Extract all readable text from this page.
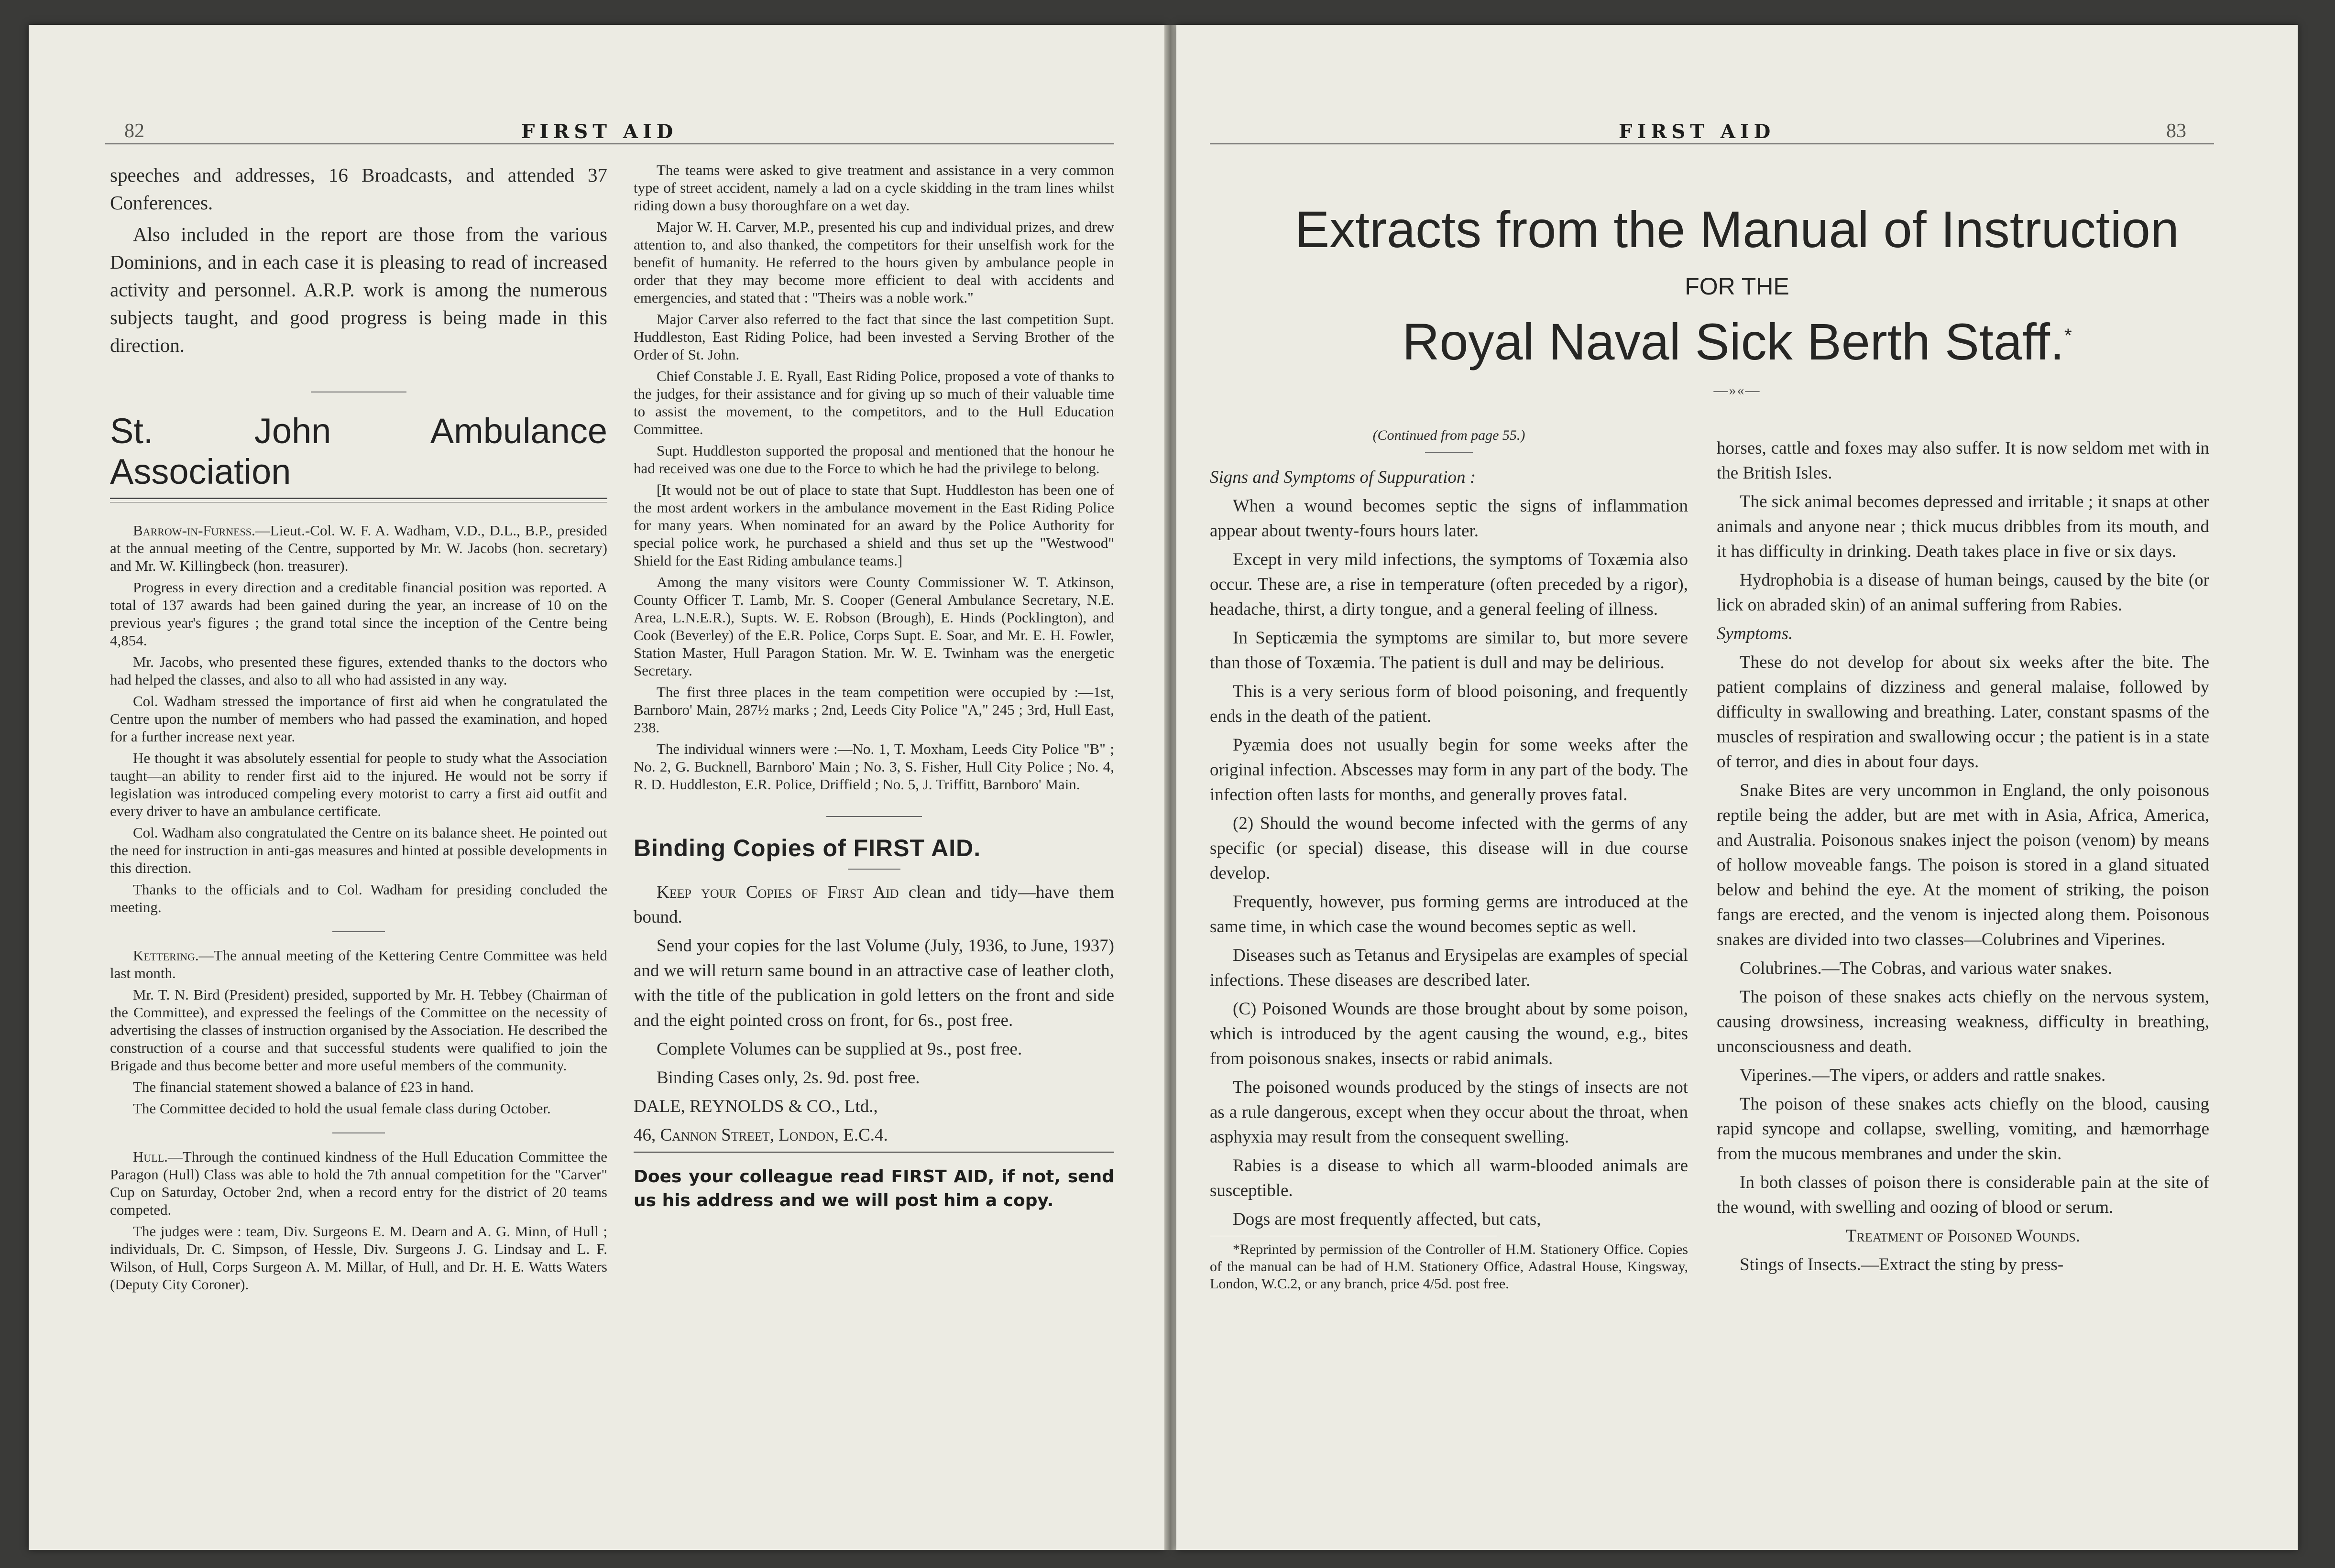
82	FIRST AID

speeches and addresses, 16 Broadcasts, and attended 37 Conferences.

Also included in the report are those from the various Dominions, and in each case it is pleasing to read of increased activity and personnel. A.R.P. work is among the numerous subjects taught, and good progress is being made in this direction.

St. John Ambulance Association

Barrow-in-Furness.—Lieut.-Col. W. F. A. Wadham, V.D., D.L., B.P., presided at the annual meeting of the Centre, supported by Mr. W. Jacobs (hon. secretary) and Mr. W. Killingbeck (hon. treasurer).

Progress in every direction and a creditable financial position was reported. A total of 137 awards had been gained during the year, an increase of 10 on the previous year's figures ; the grand total since the inception of the Centre being 4,854.

Mr. Jacobs, who presented these figures, extended thanks to the doctors who had helped the classes, and also to all who had assisted in any way.

Col. Wadham stressed the importance of first aid when he congratulated the Centre upon the number of members who had passed the examination, and hoped for a further increase next year.

He thought it was absolutely essential for people to study what the Association taught—an ability to render first aid to the injured. He would not be sorry if legislation was introduced compeling every motorist to carry a first aid outfit and every driver to have an ambulance certificate.

Col. Wadham also congratulated the Centre on its balance sheet. He pointed out the need for instruction in anti-gas measures and hinted at possible developments in this direction.

Thanks to the officials and to Col. Wadham for presiding concluded the meeting.

Kettering.—The annual meeting of the Kettering Centre Committee was held last month.

Mr. T. N. Bird (President) presided, supported by Mr. H. Tebbey (Chairman of the Committee), and expressed the feelings of the Committee on the necessity of advertising the classes of instruction organised by the Association. He described the construction of a course and that successful students were qualified to join the Brigade and thus become better and more useful members of the community.

The financial statement showed a balance of £23 in hand.

The Committee decided to hold the usual female class during October.

Hull.—Through the continued kindness of the Hull Education Committee the Paragon (Hull) Class was able to hold the 7th annual competition for the "Carver" Cup on Saturday, October 2nd, when a record entry for the district of 20 teams competed.

The judges were : team, Div. Surgeons E. M. Dearn and A. G. Minn, of Hull ; individuals, Dr. C. Simpson, of Hessle, Div. Surgeons J. G. Lindsay and L. F. Wilson, of Hull, Corps Surgeon A. M. Millar, of Hull, and Dr. H. E. Watts Waters (Deputy City Coroner).

The teams were asked to give treatment and assistance in a very common type of street accident, namely a lad on a cycle skidding in the tram lines whilst riding down a busy thoroughfare on a wet day.

Major W. H. Carver, M.P., presented his cup and individual prizes, and drew attention to, and also thanked, the competitors for their unselfish work for the benefit of humanity. He referred to the hours given by ambulance people in order that they may become more efficient to deal with accidents and emergencies, and stated that : "Theirs was a noble work."

Major Carver also referred to the fact that since the last competition Supt. Huddleston, East Riding Police, had been invested a Serving Brother of the Order of St. John.

Chief Constable J. E. Ryall, East Riding Police, proposed a vote of thanks to the judges, for their assistance and for giving up so much of their valuable time to assist the movement, to the competitors, and to the Hull Education Committee.

Supt. Huddleston supported the proposal and mentioned that the honour he had received was one due to the Force to which he had the privilege to belong.

[It would not be out of place to state that Supt. Huddleston has been one of the most ardent workers in the ambulance movement in the East Riding Police for many years. When nominated for an award by the Police Authority for special police work, he purchased a shield and thus set up the "Westwood" Shield for the East Riding ambulance teams.]

Among the many visitors were County Commissioner W. T. Atkinson, County Officer T. Lamb, Mr. S. Cooper (General Ambulance Secretary, N.E. Area, L.N.E.R.), Supts. W. E. Robson (Brough), E. Hinds (Pocklington), and Cook (Beverley) of the E.R. Police, Corps Supt. E. Soar, and Mr. E. H. Fowler, Station Master, Hull Paragon Station. Mr. W. E. Twinham was the energetic Secretary.

The first three places in the team competition were occupied by :—1st, Barnboro' Main, 287½ marks ; 2nd, Leeds City Police "A," 245 ; 3rd, Hull East, 238.

The individual winners were :—No. 1, T. Moxham, Leeds City Police "B" ; No. 2, G. Bucknell, Barnboro' Main ; No. 3, S. Fisher, Hull City Police ; No. 4, R. D. Huddleston, E.R. Police, Driffield ; No. 5, J. Triffitt, Barnboro' Main.

Binding Copies of FIRST AID.

Keep your Copies of First Aid clean and tidy—have them bound.

Send your copies for the last Volume (July, 1936, to June, 1937) and we will return same bound in an attractive case of leather cloth, with the title of the publication in gold letters on the front and side and the eight pointed cross on front, for 6s., post free.

Complete Volumes can be supplied at 9s., post free.

Binding Cases only, 2s. 9d. post free.

DALE, REYNOLDS & CO., Ltd.,

46, Cannon Street, London, E.C.4.

Does your colleague read FIRST AID, if not, send us his address and we will post him a copy.

FIRST AID	83

Extracts from the Manual of Instruction

FOR THE

Royal Naval Sick Berth Staff.*

—»«—

(Continued from page 55.)

Signs and Symptoms of Suppuration :

When a wound becomes septic the signs of inflammation appear about twenty-fours hours later.

Except in very mild infections, the symptoms of Toxæmia also occur. These are, a rise in temperature (often preceded by a rigor), headache, thirst, a dirty tongue, and a general feeling of illness.

In Septicæmia the symptoms are similar to, but more severe than those of Toxæmia. The patient is dull and may be delirious.

This is a very serious form of blood poisoning, and frequently ends in the death of the patient.

Pyæmia does not usually begin for some weeks after the original infection. Abscesses may form in any part of the body. The infection often lasts for months, and generally proves fatal.

(2) Should the wound become infected with the germs of any specific (or special) disease, this disease will in due course develop.

Frequently, however, pus forming germs are introduced at the same time, in which case the wound becomes septic as well.

Diseases such as Tetanus and Erysipelas are examples of special infections. These diseases are described later.

(C) Poisoned Wounds are those brought about by some poison, which is introduced by the agent causing the wound, e.g., bites from poisonous snakes, insects or rabid animals.

The poisoned wounds produced by the stings of insects are not as a rule dangerous, except when they occur about the throat, when asphyxia may result from the consequent swelling.

Rabies is a disease to which all warm-blooded animals are susceptible.

Dogs are most frequently affected, but cats,

*Reprinted by permission of the Controller of H.M. Stationery Office. Copies of the manual can be had of H.M. Stationery Office, Adastral House, Kingsway, London, W.C.2, or any branch, price 4/5d. post free.

horses, cattle and foxes may also suffer. It is now seldom met with in the British Isles.

The sick animal becomes depressed and irritable ; it snaps at other animals and anyone near ; thick mucus dribbles from its mouth, and it has difficulty in drinking. Death takes place in five or six days.

Hydrophobia is a disease of human beings, caused by the bite (or lick on abraded skin) of an animal suffering from Rabies.

Symptoms.

These do not develop for about six weeks after the bite. The patient complains of dizziness and general malaise, followed by difficulty in swallowing and breathing. Later, constant spasms of the muscles of respiration and swallowing occur ; the patient is in a state of terror, and dies in about four days.

Snake Bites are very uncommon in England, the only poisonous reptile being the adder, but are met with in Asia, Africa, America, and Australia. Poisonous snakes inject the poison (venom) by means of hollow moveable fangs. The poison is stored in a gland situated below and behind the eye. At the moment of striking, the poison fangs are erected, and the venom is injected along them. Poisonous snakes are divided into two classes—Colubrines and Viperines.

Colubrines.—The Cobras, and various water snakes.

The poison of these snakes acts chiefly on the nervous system, causing drowsiness, increasing weakness, difficulty in breathing, unconsciousness and death.

Viperines.—The vipers, or adders and rattle snakes.

The poison of these snakes acts chiefly on the blood, causing rapid syncope and collapse, swelling, vomiting, and hæmorrhage from the mucous membranes and under the skin.

In both classes of poison there is considerable pain at the site of the wound, with swelling and oozing of blood or serum.

Treatment of Poisoned Wounds.

Stings of Insects.—Extract the sting by press-
